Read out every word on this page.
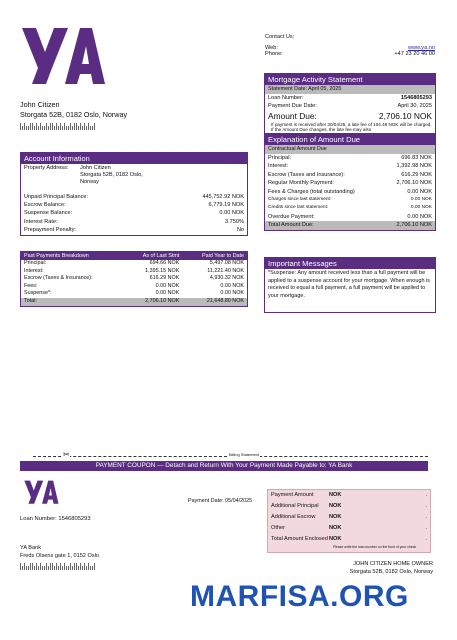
Contact Us:
Web:	www.ya.no
Phone:	+47 23 20 46 00
John Citizen
Storgata 52B, 0182 Oslo, Norway
Account Information
Property Address:	John Citizen
Storgata 52B, 0182 Oslo,
Norway
Unpaid Principal Balance:	445,752.92 NOK
Escrow Balance:	6,779.19 NOK
Suspense Balance:	0.00 NOK
Interest Rate:	3.750%
Prepayment Penalty:	No
Mortgage Activity Statement
Statement Date: April 05, 2025
Loan Number:	1546805293
Payment Due Date:	April 30, 2025
Amount Due:	2,706.10 NOK
If payment is received after 30/04/25, a late fee of 104.49 NOK will be charged. If the Amount Due changes, the late fee may also
Explanation of Amount Due
Contractual Amount Due
Principal:	696.83 NOK
Interest:	1,392.98 NOK
Escrow (Taxes and Insurance):	616.29 NOK
Regular Monthly Payment:	2,706.10 NOK
Fees & Charges (total outstanding)	0.00 NOK
Charges since last statement:	0.00 NOK
Credits since last statement:	0.00 NOK
Overdue Payment:	0.00 NOK
Total Amount Due:	2,706.10 NOK
Past Payments Breakdown	As of Last Stmt	Paid Year to Date
Principal:	694.66 NOK	5,497.08 NOK
Interest:	1,395.15 NOK	11,221.40 NOK
Escrow (Taxes & Insurance):	616.29 NOK	4,930.32 NOK
Fees:	0.00 NOK	0.00 NOK
Suspense*:	0.00 NOK	0.00 NOK
Total:	2,706.10 NOK	21,648.80 NOK
Important Messages
*Suspense: Any amount received less than a full payment will be applied to a suspense account for your mortgage. When enough is received to equal a full payment, a full payment will be applied to your mortgage.
✂	Billing Statement
PAYMENT COUPON — Detach and Return With Your Payment Made Payable to: YA Bank
Payment Date: 05/04/2025
Loan Number: 1546805293
YA Bank
Freds Olsens gate 1, 0152 Oslo
Payment Amount	NOK	.
Additional Principal	NOK	.
Additional Escrow	NOK	.
Other	NOK	.
Total Amount Enclosed NOK	.
Please write the loan number on the front of your check
JOHN CITIZEN HOME OWNER
Storgata 52B, 0182 Oslo, Norway
MARFISA.ORG
